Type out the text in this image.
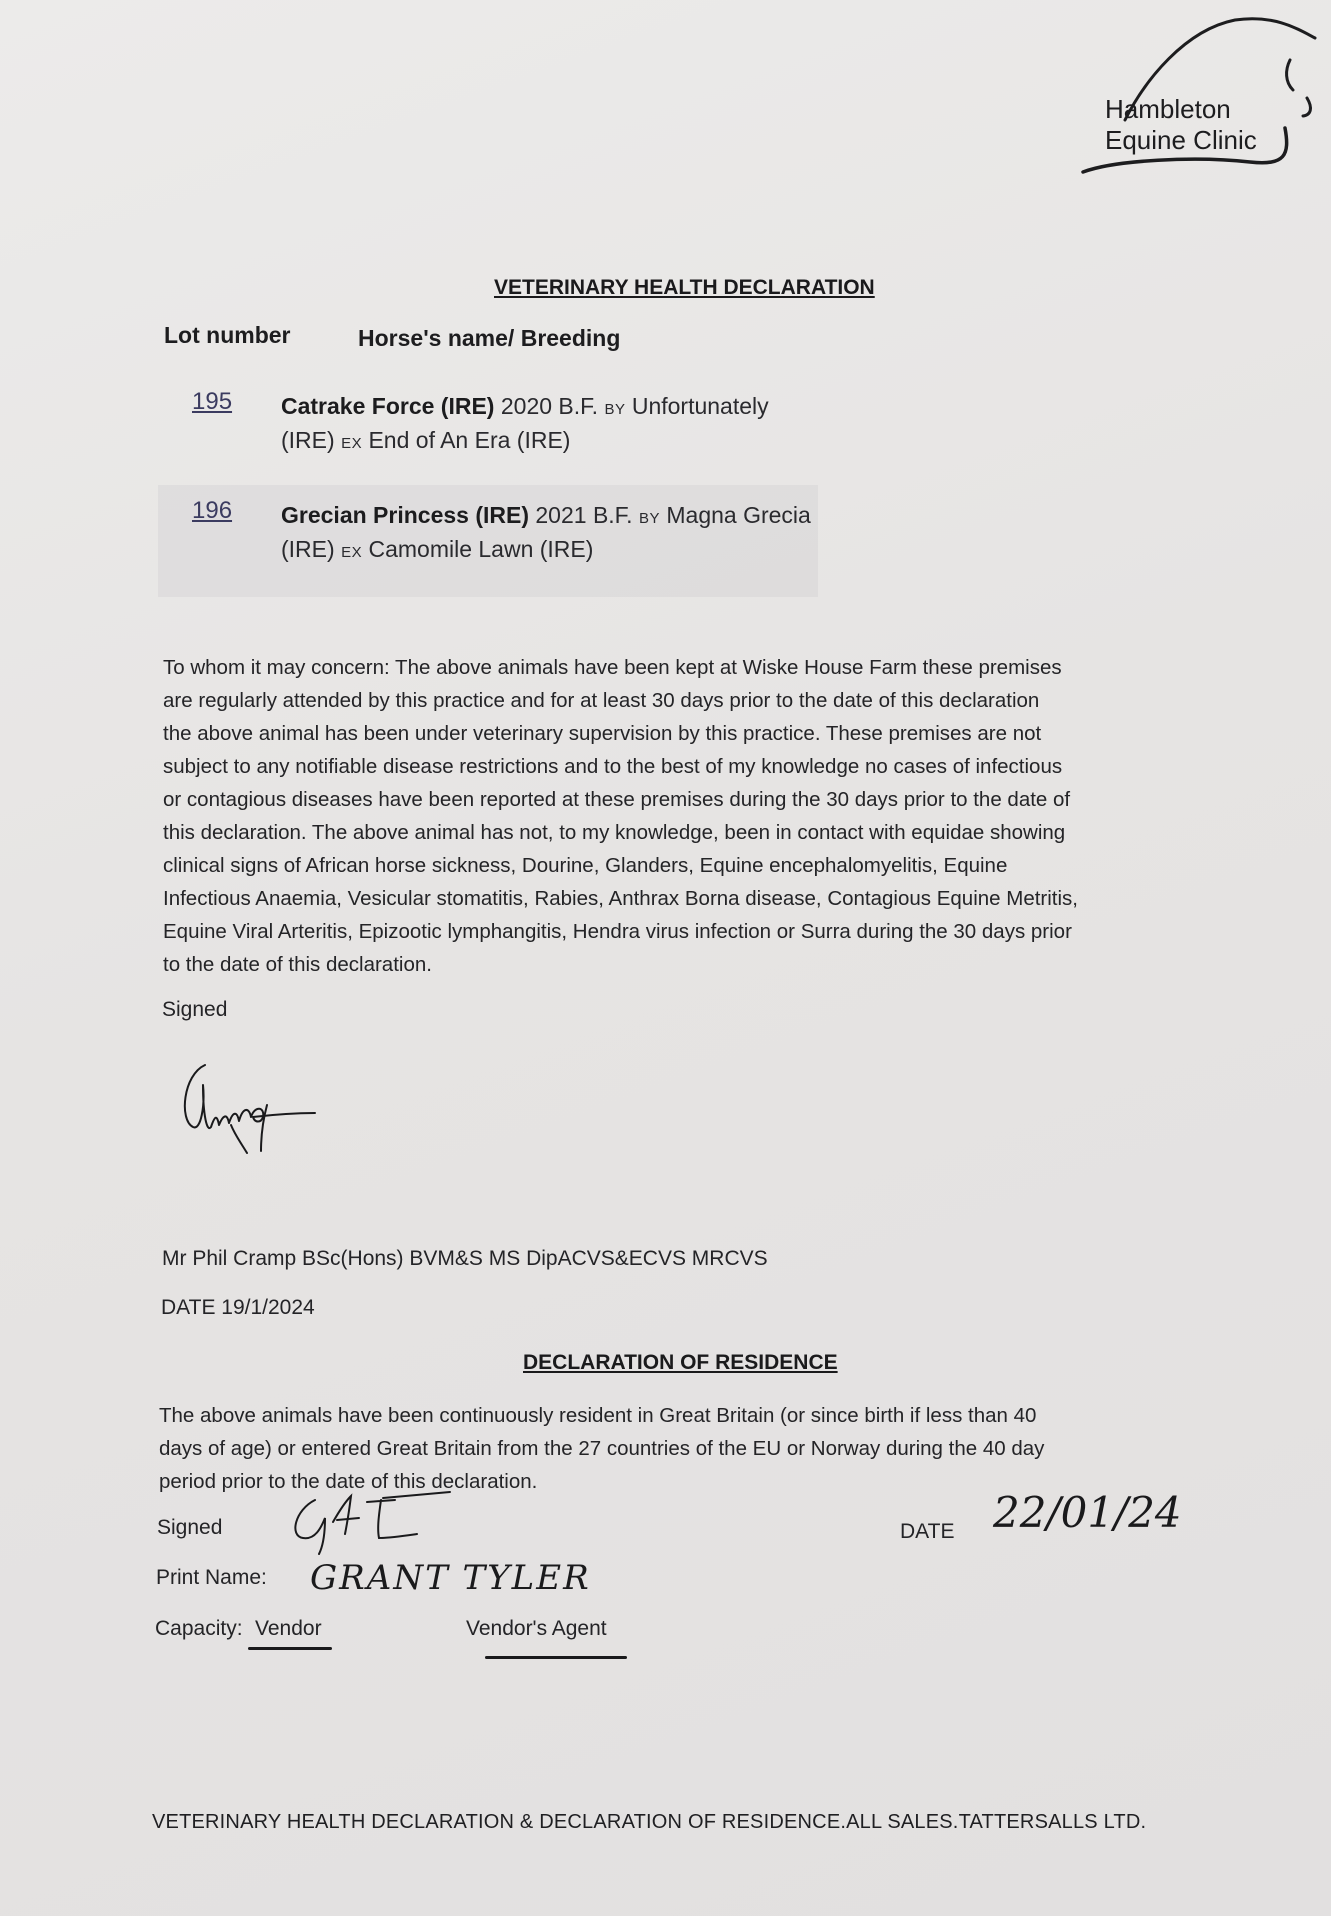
Hambleton
Equine Clinic
VETERINARY HEALTH DECLARATION
Lot number	Horse's name/ Breeding
195 Catrake Force (IRE) 2020 B.F. BY Unfortunately
(IRE) EX End of An Era (IRE)
196 Grecian Princess (IRE) 2021 B.F. BY Magna Grecia
(IRE) EX Camomile Lawn (IRE)
To whom it may concern: The above animals have been kept at Wiske House Farm these premises
are regularly attended by this practice and for at least 30 days prior to the date of this declaration
the above animal has been under veterinary supervision by this practice. These premises are not
subject to any notifiable disease restrictions and to the best of my knowledge no cases of infectious
or contagious diseases have been reported at these premises during the 30 days prior to the date of
this declaration. The above animal has not, to my knowledge, been in contact with equidae showing
clinical signs of African horse sickness, Dourine, Glanders, Equine encephalomyelitis, Equine
Infectious Anaemia, Vesicular stomatitis, Rabies, Anthrax Borna disease, Contagious Equine Metritis,
Equine Viral Arteritis, Epizootic lymphangitis, Hendra virus infection or Surra during the 30 days prior
to the date of this declaration.
Signed
Mr Phil Cramp BSc(Hons) BVM&S MS DipACVS&ECVS MRCVS
DATE 19/1/2024
DECLARATION OF RESIDENCE
The above animals have been continuously resident in Great Britain (or since birth if less than 40
days of age) or entered Great Britain from the 27 countries of the EU or Norway during the 40 day
period prior to the date of this declaration.
Signed	DATE 22/01/24
Print Name: GRANT TYLER
Capacity: Vendor	Vendor's Agent
VETERINARY HEALTH DECLARATION & DECLARATION OF RESIDENCE.ALL SALES.TATTERSALLS LTD.
